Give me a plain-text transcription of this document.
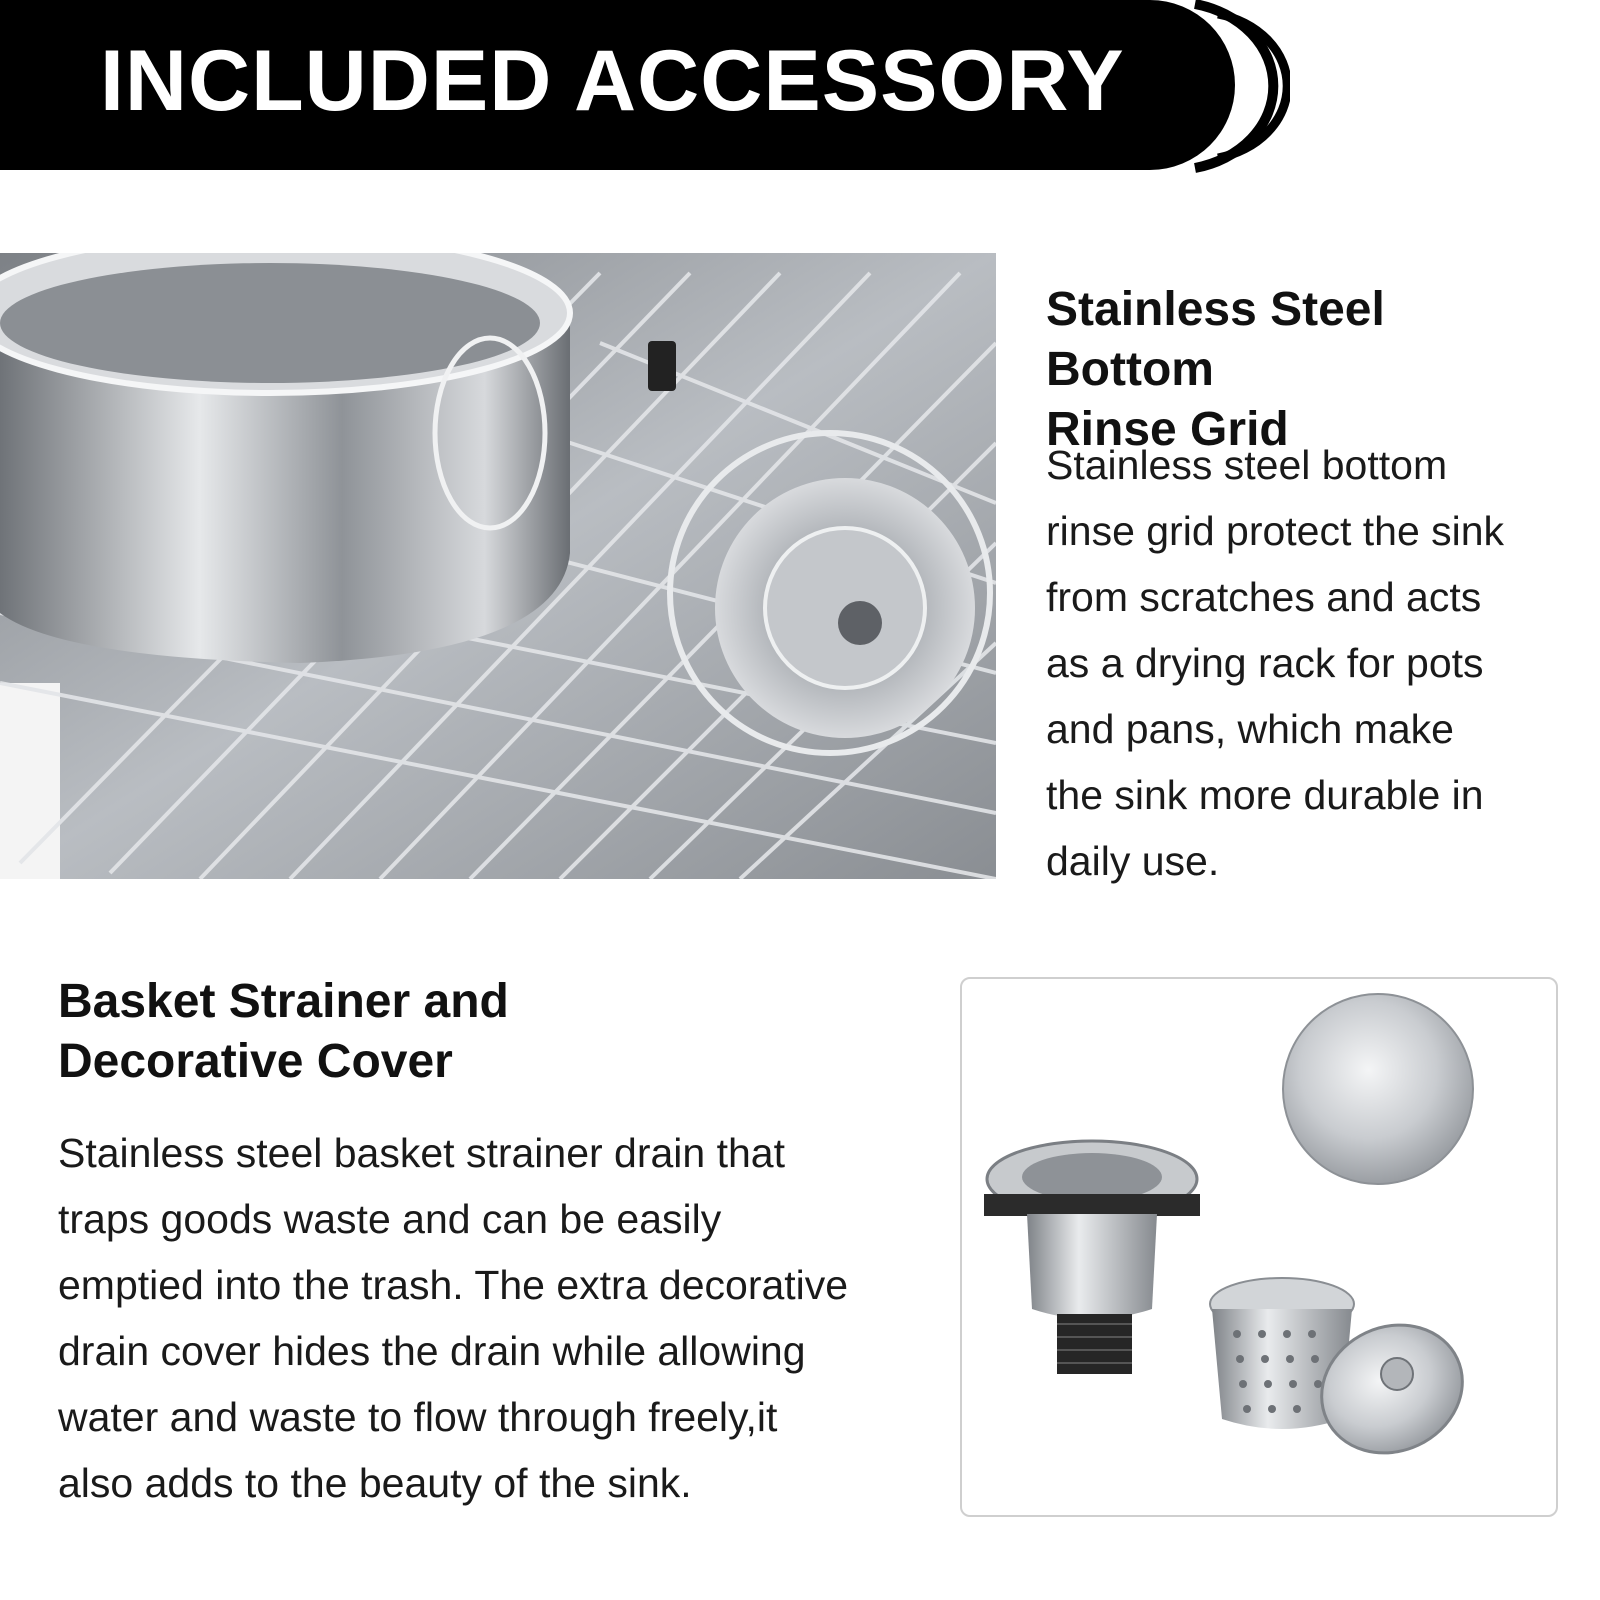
INCLUDED ACCESSORY
Stainless Steel Bottom
Rinse Grid
Stainless steel bottom
rinse grid protect the sink
from scratches and acts
as a drying rack for pots
and pans, which make
the sink more durable in
daily use.
Basket Strainer and
Decorative Cover
Stainless steel basket strainer drain that
traps goods waste and can be easily
emptied into the trash. The extra decorative
drain cover hides the drain while allowing
water and waste to flow through freely,it
also adds to the beauty of the sink.
